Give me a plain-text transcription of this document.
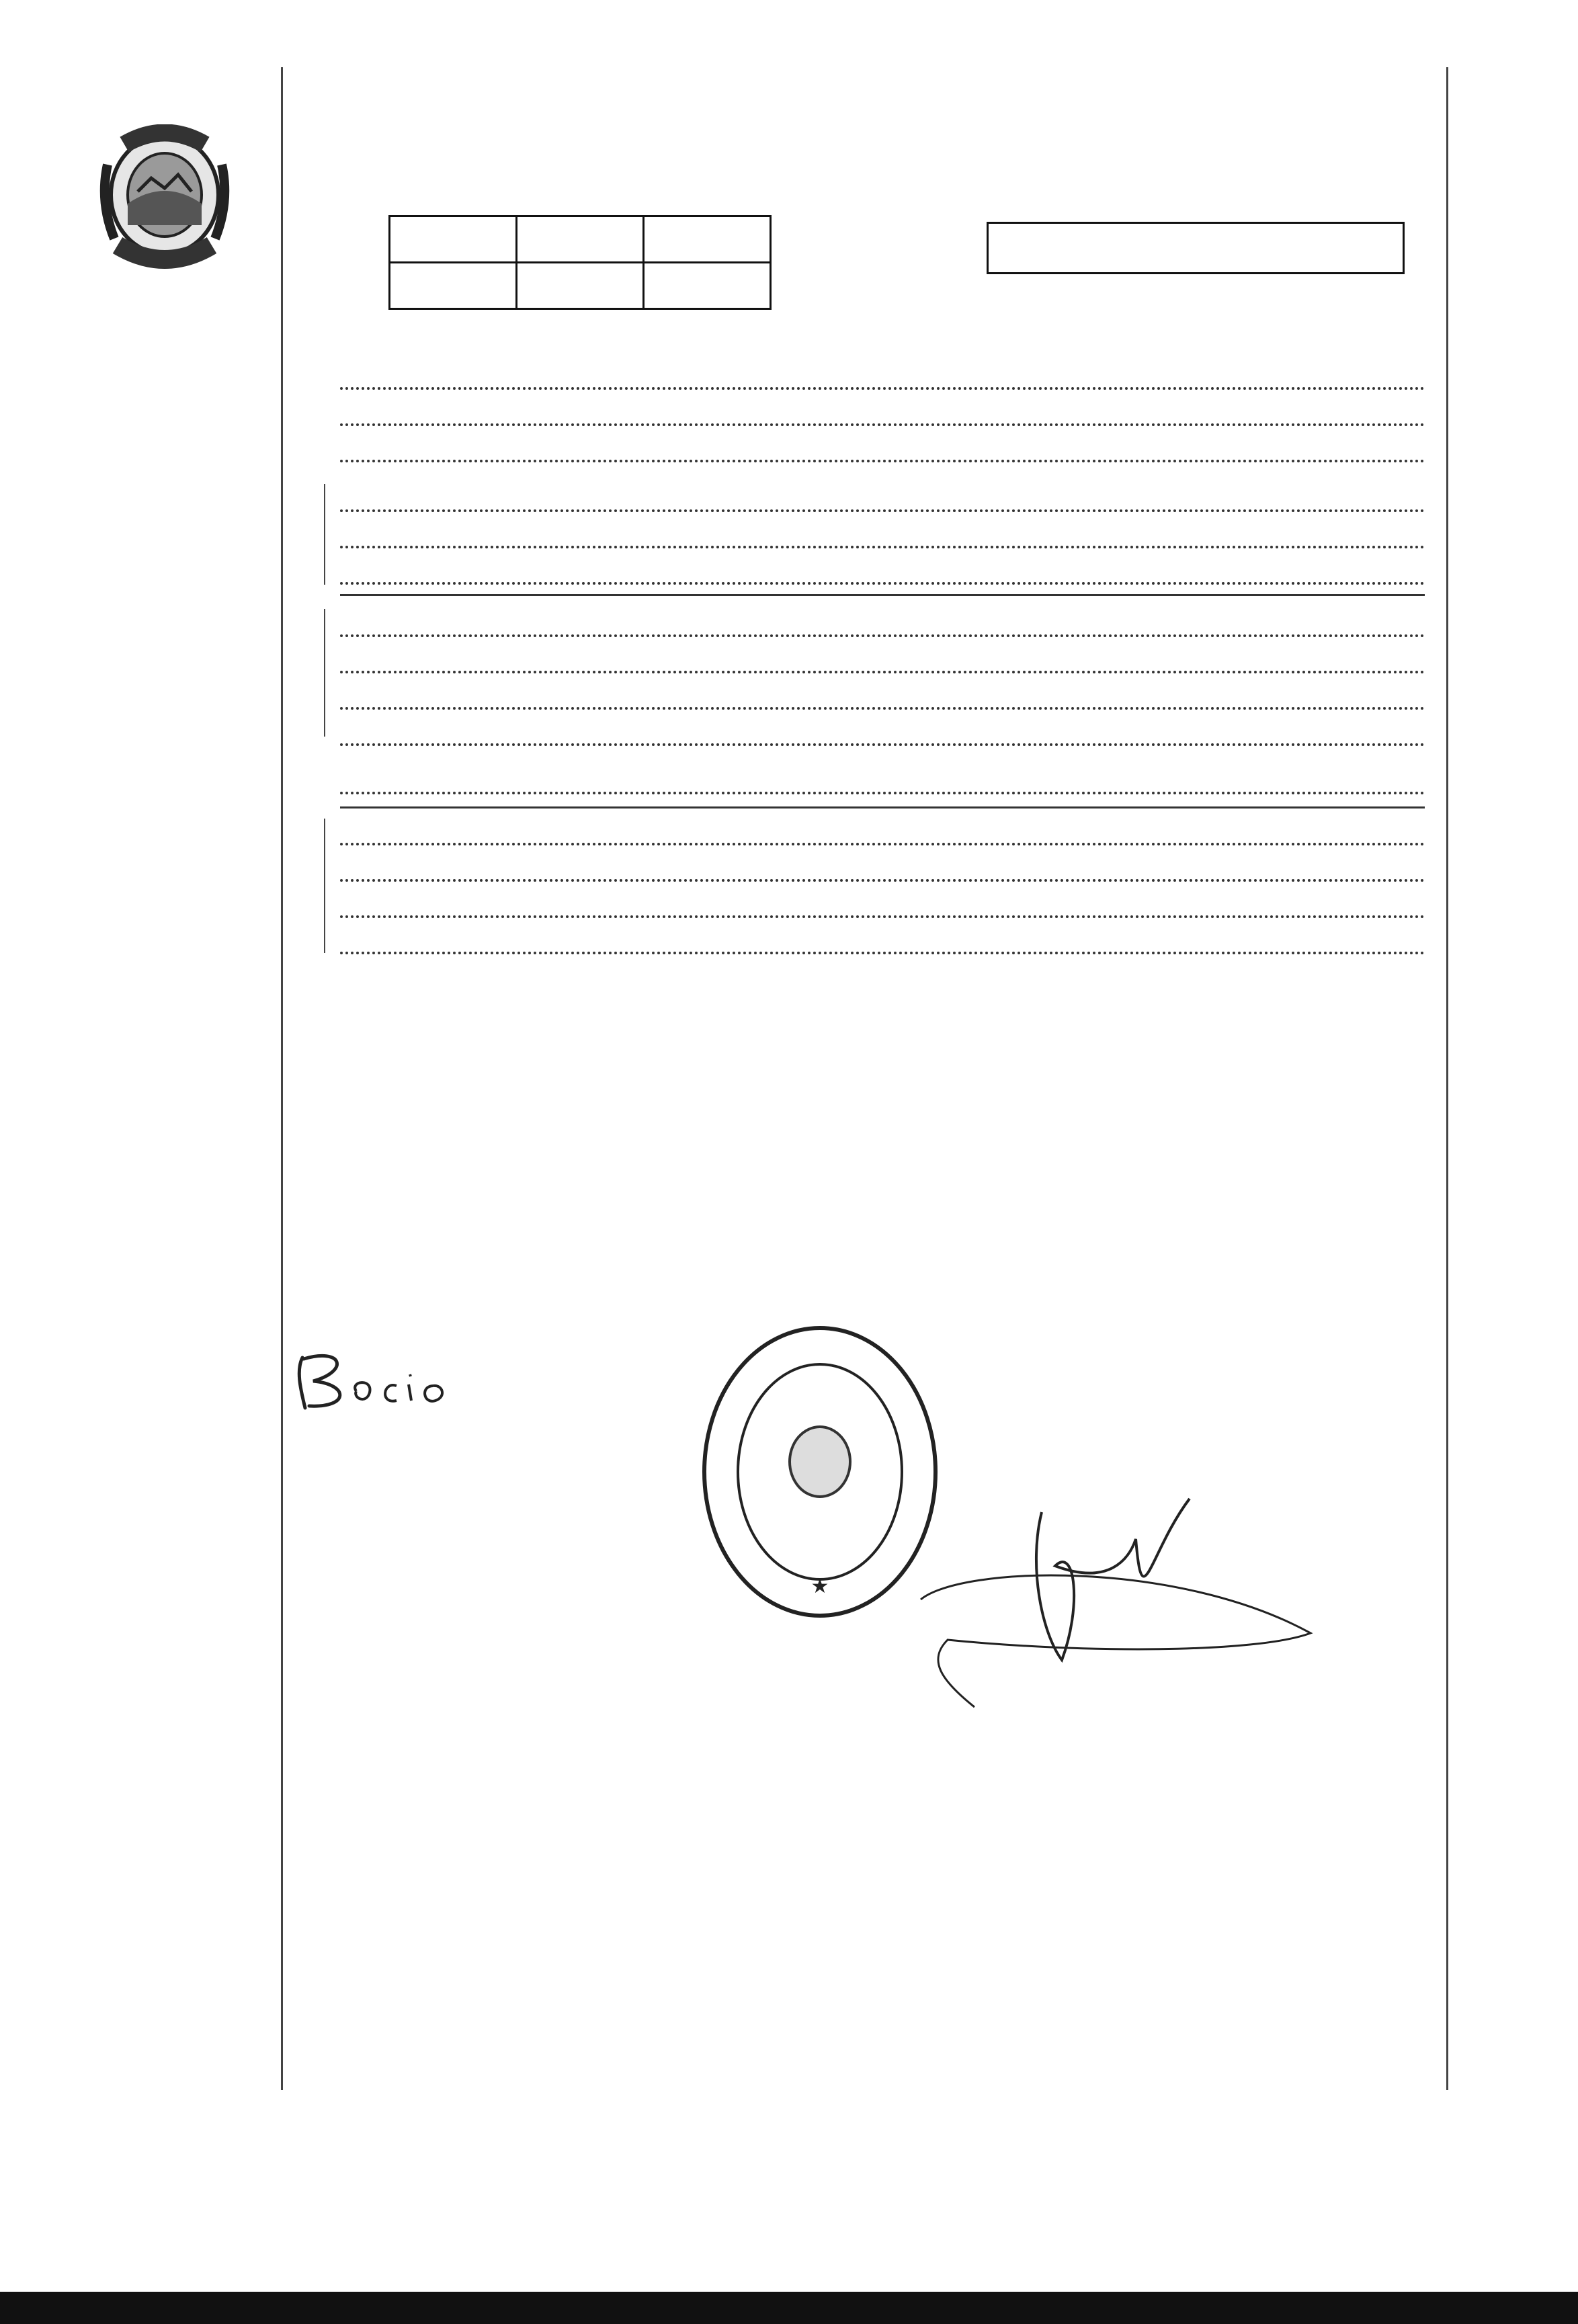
★
